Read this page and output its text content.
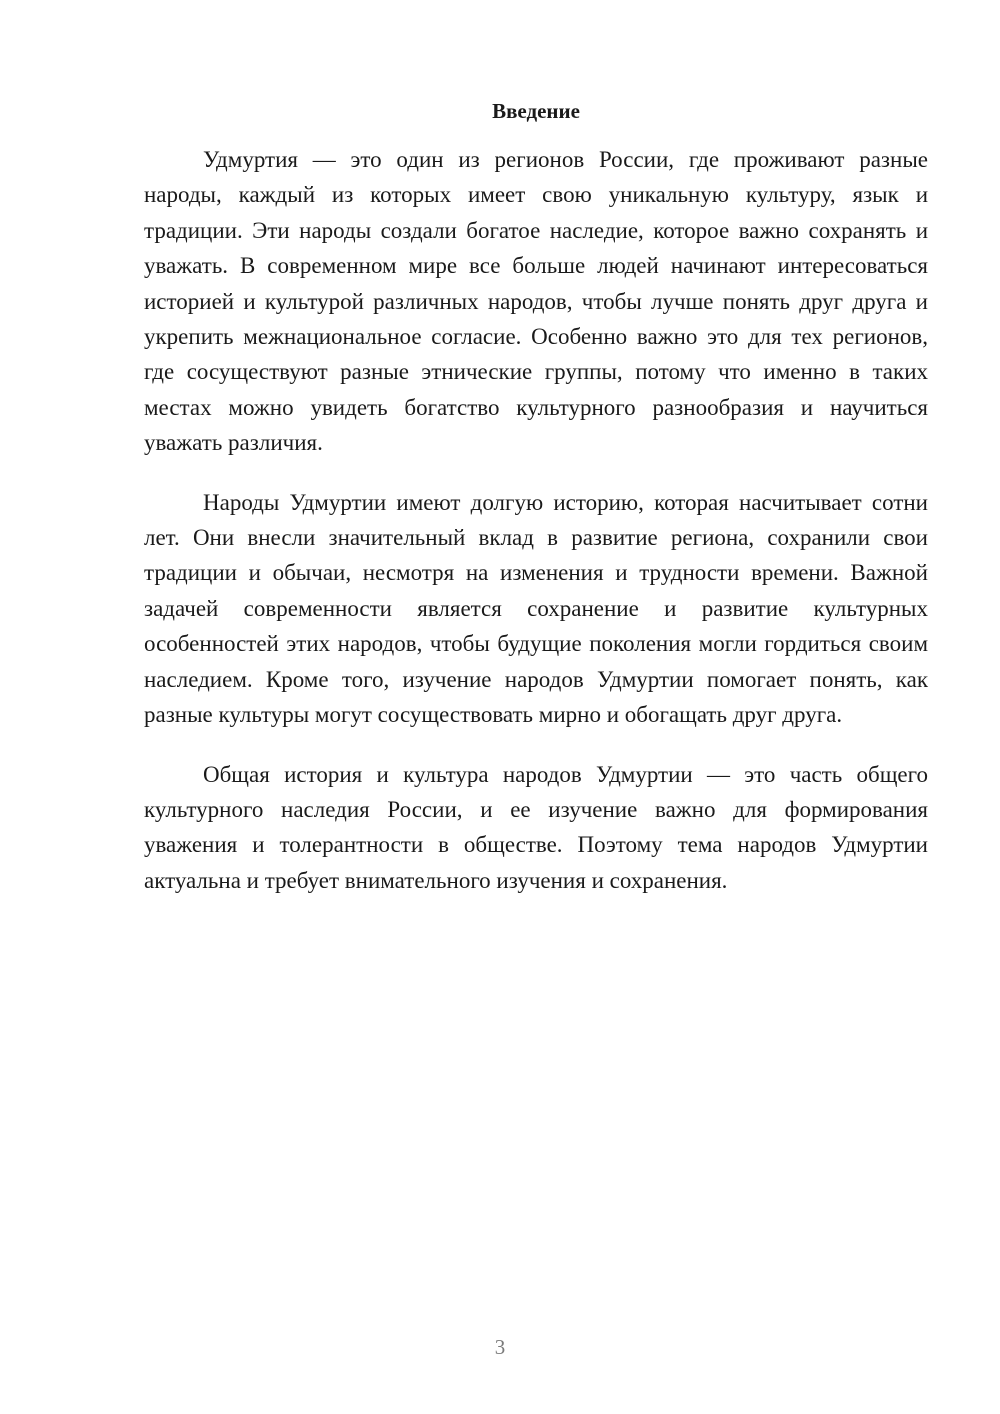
Введение

Удмуртия — это один из регионов России, где проживают разные народы, каждый из которых имеет свою уникальную культуру, язык и традиции. Эти народы создали богатое наследие, которое важно сохранять и уважать. В современном мире все больше людей начинают интересоваться историей и культурой различных народов, чтобы лучше понять друг друга и укрепить межнациональное согласие. Особенно важно это для тех регионов, где сосуществуют разные этнические группы, потому что именно в таких местах можно увидеть богатство культурного разнообразия и научиться уважать различия.

Народы Удмуртии имеют долгую историю, которая насчитывает сотни лет. Они внесли значительный вклад в развитие региона, сохранили свои традиции и обычаи, несмотря на изменения и трудности времени. Важной задачей современности является сохранение и развитие культурных особенностей этих народов, чтобы будущие поколения могли гордиться своим наследием. Кроме того, изучение народов Удмуртии помогает понять, как разные культуры могут сосуществовать мирно и обогащать друг друга.

Общая история и культура народов Удмуртии — это часть общего культурного наследия России, и ее изучение важно для формирования уважения и толерантности в обществе. Поэтому тема народов Удмуртии актуальна и требует внимательного изучения и сохранения.

3
